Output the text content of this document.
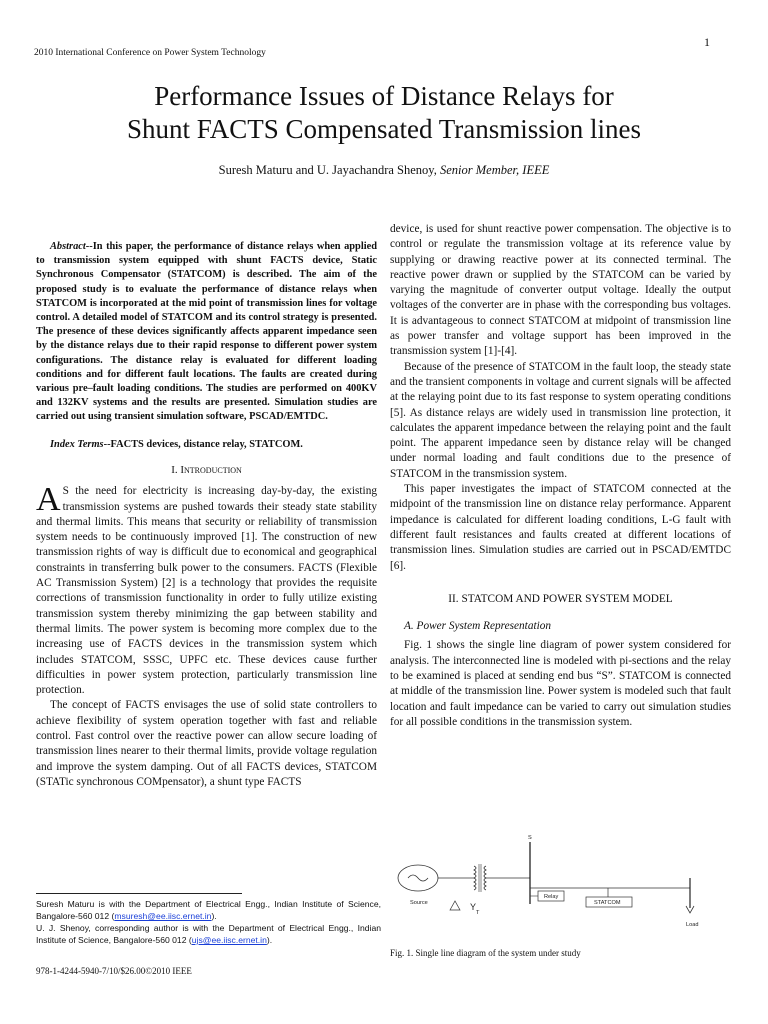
1
2010 International Conference on Power System Technology
Performance Issues of Distance Relays for
Shunt FACTS Compensated Transmission lines
Suresh Maturu and U. Jayachandra Shenoy, Senior Member, IEEE
Abstract--In this paper, the performance of distance relays when applied to transmission system equipped with shunt FACTS device, Static Synchronous Compensator (STATCOM) is described. The aim of the proposed study is to evaluate the performance of distance relays when STATCOM is incorporated at the mid point of transmission lines for voltage control. A detailed model of STATCOM and its control strategy is presented. The presence of these devices significantly affects apparent impedance seen by the distance relays due to their rapid response to different power system configurations. The distance relay is evaluated for different loading conditions and for different fault locations. The faults are created during various pre–fault loading conditions. The studies are performed on 400KV and 132KV systems and the results are presented. Simulation studies are carried out using transient simulation software, PSCAD/EMTDC.
Index Terms--FACTS devices, distance relay, STATCOM.
I. Introduction

A S the need for electricity is increasing day-by-day, the existing transmission systems are pushed towards their steady state stability and thermal limits. This means that security or reliability of transmission system needs to be continuously improved [1]. The construction of new transmission rights of way is difficult due to economical and geographical constraints in transferring bulk power to the consumers. FACTS (Flexible AC Transmission System) [2] is a technology that provides the requisite corrections of transmission functionality in order to fully utilize existing transmission system thereby minimizing the gap between stability and thermal limits. The power system is becoming more complex due to the increasing use of FACTS devices in the transmission system which includes STATCOM, SSSC, UPFC etc. These devices cause further difficulties in power system protection, particularly transmission line protection.

The concept of FACTS envisages the use of solid state controllers to achieve flexibility of system operation together with fast and reliable control. Fast control over the reactive power can allow secure loading of transmission lines nearer to their thermal limits, provide voltage regulation and improve the system damping. Out of all FACTS devices, STATCOM (STATic synchronous COMpensator), a shunt type FACTS

device, is used for shunt reactive power compensation. The objective is to control or regulate the transmission voltage at its reference value by supplying or drawing reactive power at its connected terminal. The reactive power drawn or supplied by the STATCOM can be varied by varying the magnitude of converter output voltage. Ideally the output voltages of the converter are in phase with the corresponding bus voltages. It is advantageous to connect STATCOM at midpoint of transmission line as power transfer and voltage support has been improved in the transmission system [1]-[4].

Because of the presence of STATCOM in the fault loop, the steady state and the transient components in voltage and current signals will be affected at the relaying point due to its fast response to system operating conditions [5]. As distance relays are widely used in transmission line protection, it calculates the apparent impedance between the relaying point and the fault point. The apparent impedance seen by distance relay will be changed under normal loading and fault conditions due to the presence of STATCOM in the transmission system.

This paper investigates the impact of STATCOM connected at the midpoint of the transmission line on distance relay performance. Apparent impedance is calculated for different loading conditions, L-G fault with different fault resistances and faults created at different locations of transmission lines. Simulation studies are carried out in PSCAD/EMTDC [6].

II. STATCOM AND POWER SYSTEM MODEL
A. Power System Representation

Fig. 1 shows the single line diagram of power system considered for analysis. The interconnected line is modeled with pi-sections and the relay to be examined is placed at sending end bus “S”. STATCOM is connected at middle of the transmission line. Power system is modeled such that fault location and fault impedance can be varied to carry out simulation studies for all possible conditions in the transmission system.

Source	Y
T
S
Relay
STATCOM
Load
Fig. 1. Single line diagram of the system under study
Suresh Maturu is with the Department of Electrical Engg., Indian Institute of Science, Bangalore-560 012 (msuresh@ee.iisc.ernet.in).
U. J. Shenoy, corresponding author is with the Department of Electrical Engg., Indian Institute of Science, Bangalore-560 012 (ujs@ee.iisc.ernet.in).
978-1-4244-5940-7/10/$26.00©2010 IEEE
